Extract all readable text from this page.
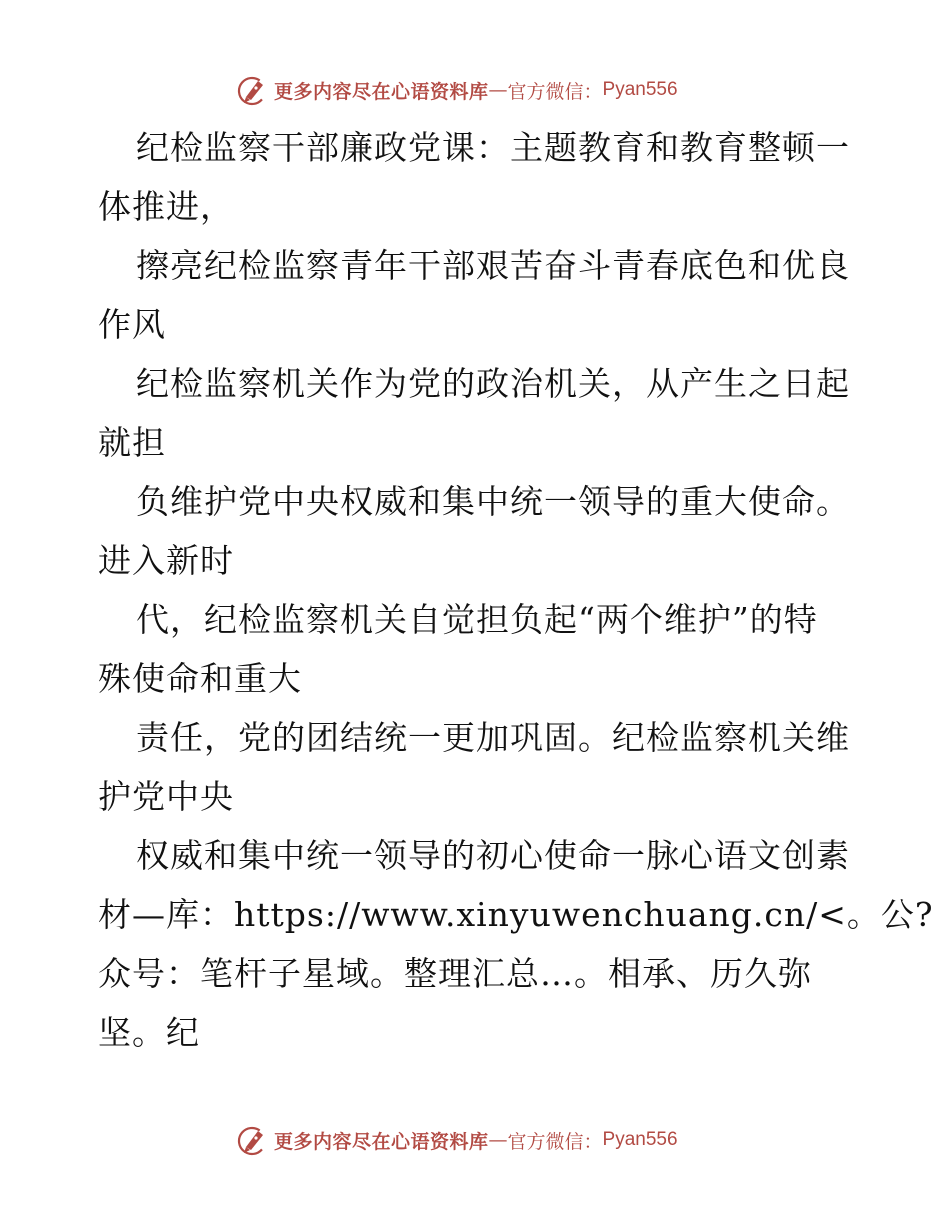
更多内容尽在心语资料库 — 官方微信： Pyan556
纪检监察干部廉政党课：主题教育和教育整顿一
体推进，
擦亮纪检监察青年干部艰苦奋斗青春底色和优良
作风
纪检监察机关作为党的政治机关，从产生之日起
就担
负维护党中央权威和集中统一领导的重大使命。
进入新时
代，纪检监察机关自觉担负起“两个维护”的特
殊使命和重大
责任，党的团结统一更加巩固。纪检监察机关维
护党中央
权威和集中统一领导的初心使命一脉心语文创素
材—库：https://www.xinyuwenchuang.cn/<。公?
众号：笔杆子星域。整理汇总…。相承、历久弥
坚。纪
更多内容尽在心语资料库 — 官方微信： Pyan556
